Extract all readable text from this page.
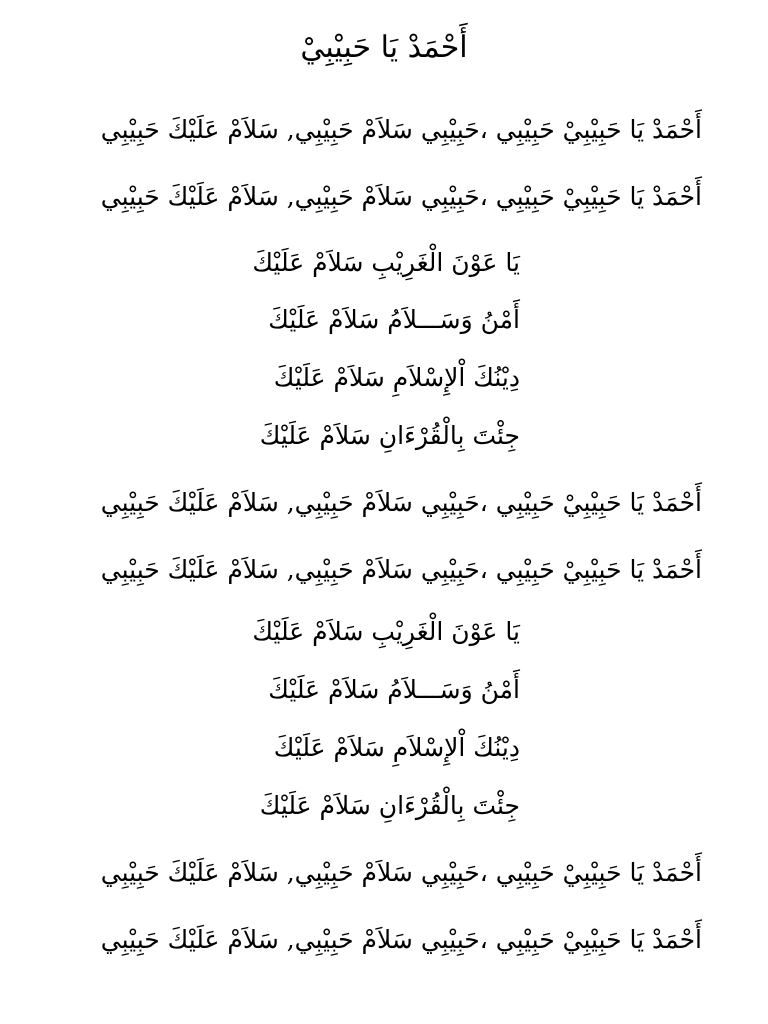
أَحْمَدْ يَا حَبِيْبِيْ
أَحْمَدْ يَا حَبِيْبِيْ حَبِيْبِي ،حَبِيْبِي سَلاَمْ حَبِيْبِي, سَلاَمْ عَلَيْكَ حَبِيْبِي
أَحْمَدْ يَا حَبِيْبِيْ حَبِيْبِي ،حَبِيْبِي سَلاَمْ حَبِيْبِي, سَلاَمْ عَلَيْكَ حَبِيْبِي
يَا عَوْنَ الْغَرِيْبِ سَلاَمْ عَلَيْكَ
أَمْنُ وَسَـــلاَمُ سَلاَمْ عَلَيْكَ
دِيْنُكَ اْلإِسْلاَمِ سَلاَمْ عَلَيْكَ
جِئْتَ بِالْقُرْءَانِ سَلاَمْ عَلَيْكَ
أَحْمَدْ يَا حَبِيْبِيْ حَبِيْبِي ،حَبِيْبِي سَلاَمْ حَبِيْبِي, سَلاَمْ عَلَيْكَ حَبِيْبِي
أَحْمَدْ يَا حَبِيْبِيْ حَبِيْبِي ،حَبِيْبِي سَلاَمْ حَبِيْبِي, سَلاَمْ عَلَيْكَ حَبِيْبِي
يَا عَوْنَ الْغَرِيْبِ سَلاَمْ عَلَيْكَ
أَمْنُ وَسَـــلاَمُ سَلاَمْ عَلَيْكَ
دِيْنُكَ اْلإِسْلاَمِ سَلاَمْ عَلَيْكَ
جِئْتَ بِالْقُرْءَانِ سَلاَمْ عَلَيْكَ
أَحْمَدْ يَا حَبِيْبِيْ حَبِيْبِي ،حَبِيْبِي سَلاَمْ حَبِيْبِي, سَلاَمْ عَلَيْكَ حَبِيْبِي
أَحْمَدْ يَا حَبِيْبِيْ حَبِيْبِي ،حَبِيْبِي سَلاَمْ حَبِيْبِي, سَلاَمْ عَلَيْكَ حَبِيْبِي
